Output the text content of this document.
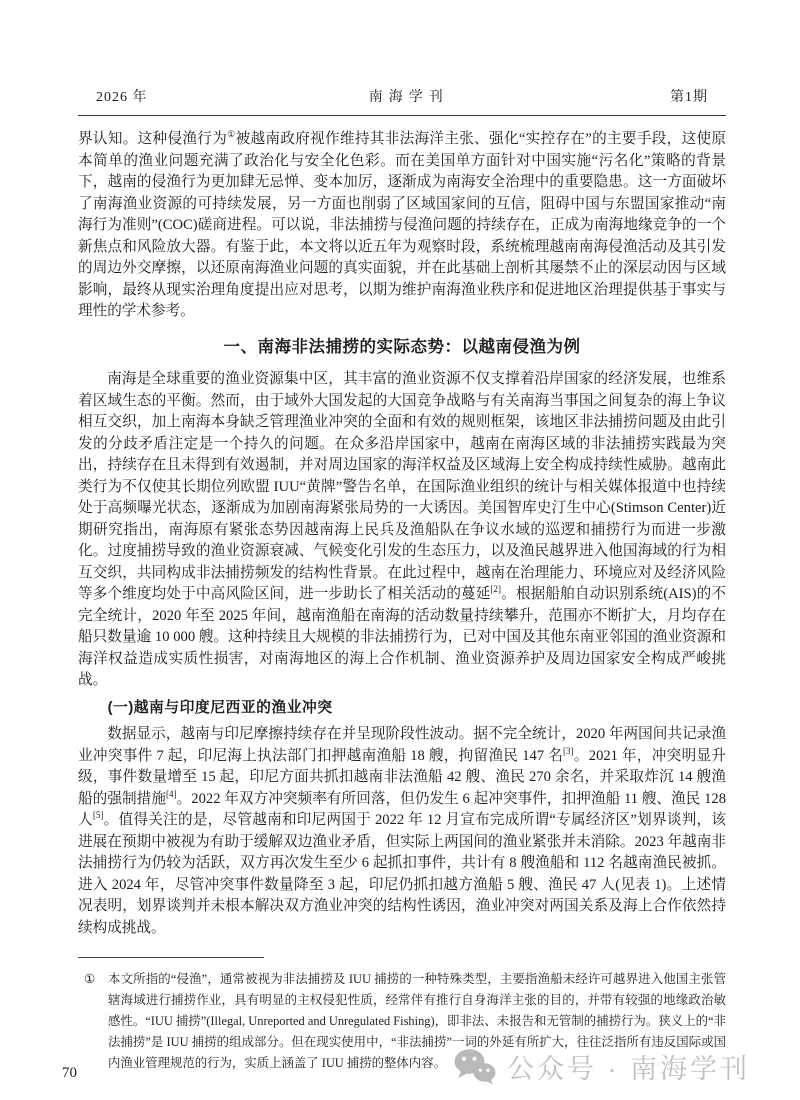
2026 年	南海学刊	第1期

界认知。这种侵渔行为①被越南政府视作维持其非法海洋主张、强化“实控存在”的主要手段，这使原本简单的渔业问题充满了政治化与安全化色彩。而在美国单方面针对中国实施“污名化”策略的背景下，越南的侵渔行为更加肆无忌惮、变本加厉，逐渐成为南海安全治理中的重要隐患。这一方面破坏了南海渔业资源的可持续发展，另一方面也削弱了区域国家间的互信，阻碍中国与东盟国家推动“南海行为准则”(COC)磋商进程。可以说，非法捕捞与侵渔问题的持续存在，正成为南海地缘竞争的一个新焦点和风险放大器。有鉴于此，本文将以近五年为观察时段，系统梳理越南南海侵渔活动及其引发的周边外交摩擦，以还原南海渔业问题的真实面貌，并在此基础上剖析其屡禁不止的深层动因与区域影响，最终从现实治理角度提出应对思考，以期为维护南海渔业秩序和促进地区治理提供基于事实与理性的学术参考。

一、南海非法捕捞的实际态势：以越南侵渔为例

南海是全球重要的渔业资源集中区，其丰富的渔业资源不仅支撑着沿岸国家的经济发展，也维系着区域生态的平衡。然而，由于域外大国发起的大国竞争战略与有关南海当事国之间复杂的海上争议相互交织，加上南海本身缺乏管理渔业冲突的全面和有效的规则框架，该地区非法捕捞问题及由此引发的分歧矛盾注定是一个持久的问题。在众多沿岸国家中，越南在南海区域的非法捕捞实践最为突出，持续存在且未得到有效遏制，并对周边国家的海洋权益及区域海上安全构成持续性威胁。越南此类行为不仅使其长期位列欧盟 IUU“黄牌”警告名单，在国际渔业组织的统计与相关媒体报道中也持续处于高频曝光状态，逐渐成为加剧南海紧张局势的一大诱因。美国智库史汀生中心(Stimson Center)近期研究指出，南海原有紧张态势因越南海上民兵及渔船队在争议水域的巡逻和捕捞行为而进一步激化。过度捕捞导致的渔业资源衰减、气候变化引发的生态压力，以及渔民越界进入他国海域的行为相互交织，共同构成非法捕捞频发的结构性背景。在此过程中，越南在治理能力、环境应对及经济风险等多个维度均处于中高风险区间，进一步助长了相关活动的蔓延[2]。根据船舶自动识别系统(AIS)的不完全统计，2020 年至 2025 年间，越南渔船在南海的活动数量持续攀升，范围亦不断扩大，月均存在船只数量逾 10 000 艘。这种持续且大规模的非法捕捞行为，已对中国及其他东南亚邻国的渔业资源和海洋权益造成实质性损害，对南海地区的海上合作机制、渔业资源养护及周边国家安全构成严峻挑战。

(一)越南与印度尼西亚的渔业冲突

数据显示，越南与印尼摩擦持续存在并呈现阶段性波动。据不完全统计，2020 年两国间共记录渔业冲突事件 7 起，印尼海上执法部门扣押越南渔船 18 艘，拘留渔民 147 名[3]。2021 年，冲突明显升级，事件数量增至 15 起，印尼方面共抓扣越南非法渔船 42 艘、渔民 270 余名，并采取炸沉 14 艘渔船的强制措施[4]。2022 年双方冲突频率有所回落，但仍发生 6 起冲突事件，扣押渔船 11 艘、渔民 128 人[5]。值得关注的是，尽管越南和印尼两国于 2022 年 12 月宣布完成所谓“专属经济区”划界谈判，该进展在预期中被视为有助于缓解双边渔业矛盾，但实际上两国间的渔业紧张并未消除。2023 年越南非法捕捞行为仍较为活跃，双方再次发生至少 6 起抓扣事件，共计有 8 艘渔船和 112 名越南渔民被抓。进入 2024 年，尽管冲突事件数量降至 3 起，印尼仍抓扣越方渔船 5 艘、渔民 47 人(见表 1)。上述情况表明，划界谈判并未根本解决双方渔业冲突的结构性诱因，渔业冲突对两国关系及海上合作依然持续构成挑战。

① 本文所指的“侵渔”，通常被视为非法捕捞及 IUU 捕捞的一种特殊类型，主要指渔船未经许可越界进入他国主张管辖海域进行捕捞作业，具有明显的主权侵犯性质，经常伴有推行自身海洋主张的目的，并带有较强的地缘政治敏感性。“IUU 捕捞”(Illegal, Unreported and Unregulated Fishing)，即非法、未报告和无管制的捕捞行为。狭义上的“非法捕捞”是 IUU 捕捞的组成部分。但在现实使用中，“非法捕捞”一词的外延有所扩大，往往泛指所有违反国际或国内渔业管理规范的行为，实质上涵盖了 IUU 捕捞的整体内容。
70	公众号 · 南海学刊
